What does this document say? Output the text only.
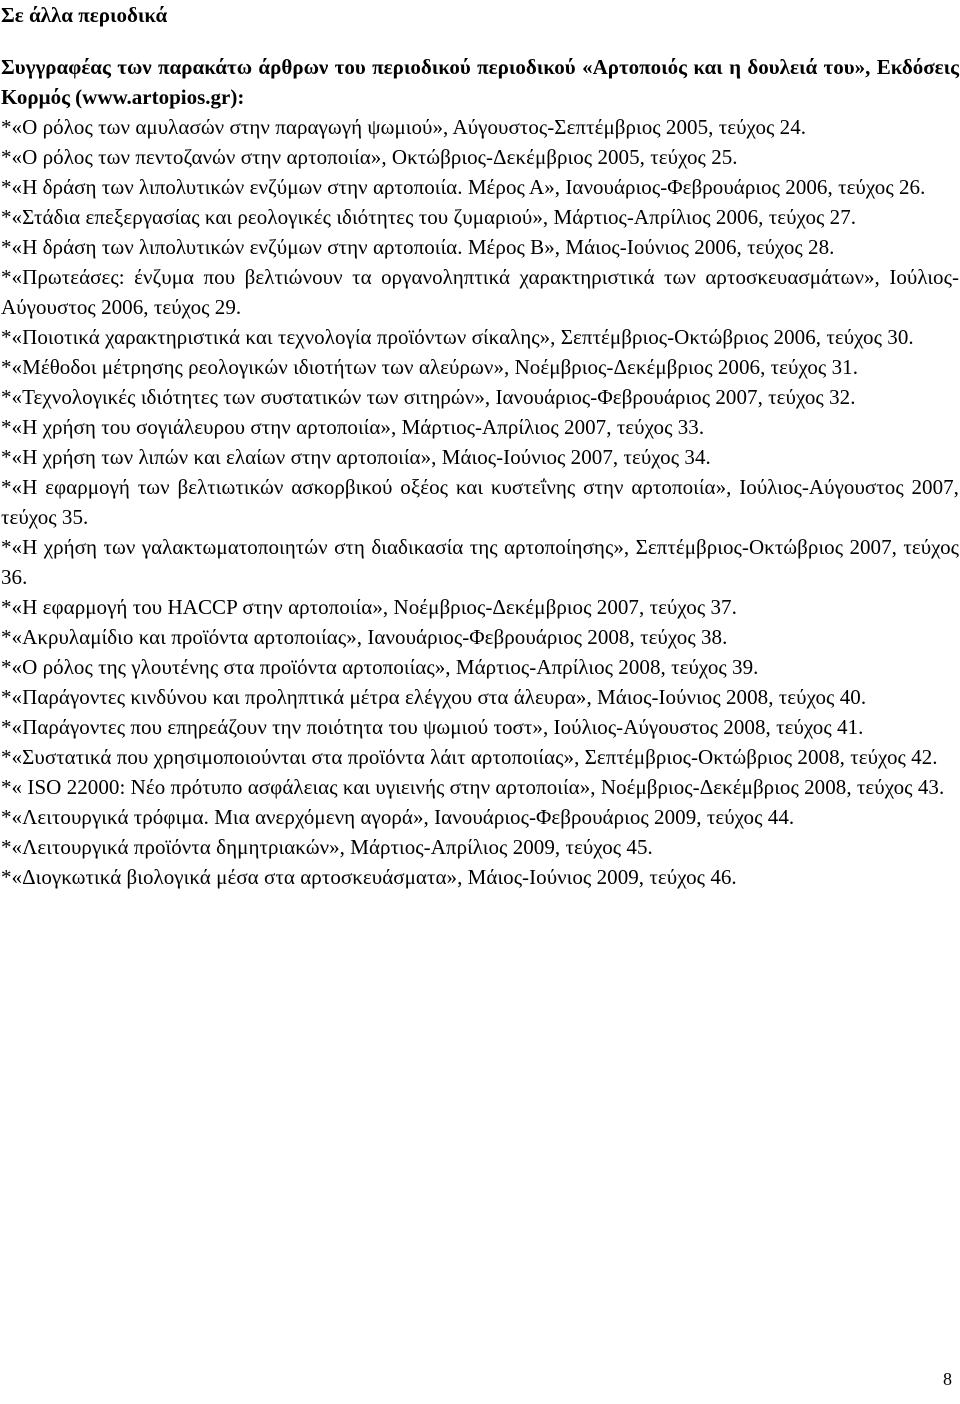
Σε άλλα περιοδικά

Συγγραφέας των παρακάτω άρθρων του περιοδικού περιοδικού «Αρτοποιός και η δουλειά του», Εκδόσεις Κορμός (www.artopios.gr):

*«Ο ρόλος των αμυλασών στην παραγωγή ψωμιού», Αύγουστος-Σεπτέμβριος 2005, τεύχος 24.

*«Ο ρόλος των πεντοζανών στην αρτοποιία», Οκτώβριος-Δεκέμβριος 2005, τεύχος 25.

*«Η δράση των λιπολυτικών ενζύμων στην αρτοποιία. Μέρος Α», Ιανουάριος-Φεβρουάριος 2006, τεύχος 26.

*«Στάδια επεξεργασίας και ρεολογικές ιδιότητες του ζυμαριού», Μάρτιος-Απρίλιος 2006, τεύχος 27.

*«Η δράση των λιπολυτικών ενζύμων στην αρτοποιία. Μέρος Β», Μάιος-Ιούνιος 2006, τεύχος 28.

*«Πρωτεάσες: ένζυμα που βελτιώνουν τα οργανοληπτικά χαρακτηριστικά των αρτοσκευασμάτων», Ιούλιος-Αύγουστος 2006, τεύχος 29.

*«Ποιοτικά χαρακτηριστικά και τεχνολογία προϊόντων σίκαλης», Σεπτέμβριος-Οκτώβριος 2006, τεύχος 30.

*«Μέθοδοι μέτρησης ρεολογικών ιδιοτήτων των αλεύρων», Νοέμβριος-Δεκέμβριος 2006, τεύχος 31.

*«Τεχνολογικές ιδιότητες των συστατικών των σιτηρών», Ιανουάριος-Φεβρουάριος 2007, τεύχος 32.

*«Η χρήση του σογιάλευρου στην αρτοποιία», Μάρτιος-Απρίλιος 2007, τεύχος 33.

*«Η χρήση των λιπών και ελαίων στην αρτοποιία», Μάιος-Ιούνιος 2007, τεύχος 34.

*«Η εφαρμογή των βελτιωτικών ασκορβικού οξέος και κυστεΐνης στην αρτοποιία», Ιούλιος-Αύγουστος 2007, τεύχος 35.

*«Η χρήση των γαλακτωματοποιητών στη διαδικασία της αρτοποίησης», Σεπτέμβριος-Οκτώβριος 2007, τεύχος 36.

*«Η εφαρμογή του HACCP στην αρτοποιία», Νοέμβριος-Δεκέμβριος 2007, τεύχος 37.

*«Ακρυλαμίδιο και προϊόντα αρτοποιίας», Ιανουάριος-Φεβρουάριος 2008, τεύχος 38.

*«Ο ρόλος της γλουτένης στα προϊόντα αρτοποιίας», Μάρτιος-Απρίλιος 2008, τεύχος 39.

*«Παράγοντες κινδύνου και προληπτικά μέτρα ελέγχου στα άλευρα», Μάιος-Ιούνιος 2008, τεύχος 40.

*«Παράγοντες που επηρεάζουν την ποιότητα του ψωμιού τοστ», Ιούλιος-Αύγουστος 2008, τεύχος 41.

*«Συστατικά που χρησιμοποιούνται στα προϊόντα λάιτ αρτοποιίας», Σεπτέμβριος-Οκτώβριος 2008, τεύχος 42.

*« ISO 22000: Νέο πρότυπο ασφάλειας και υγιεινής στην αρτοποιία», Νοέμβριος-Δεκέμβριος 2008, τεύχος 43.

*«Λειτουργικά τρόφιμα. Μια ανερχόμενη αγορά», Ιανουάριος-Φεβρουάριος 2009, τεύχος 44.

*«Λειτουργικά προϊόντα δημητριακών», Μάρτιος-Απρίλιος 2009, τεύχος 45.

*«Διογκωτικά βιολογικά μέσα στα αρτοσκευάσματα», Μάιος-Ιούνιος 2009, τεύχος 46.

8
